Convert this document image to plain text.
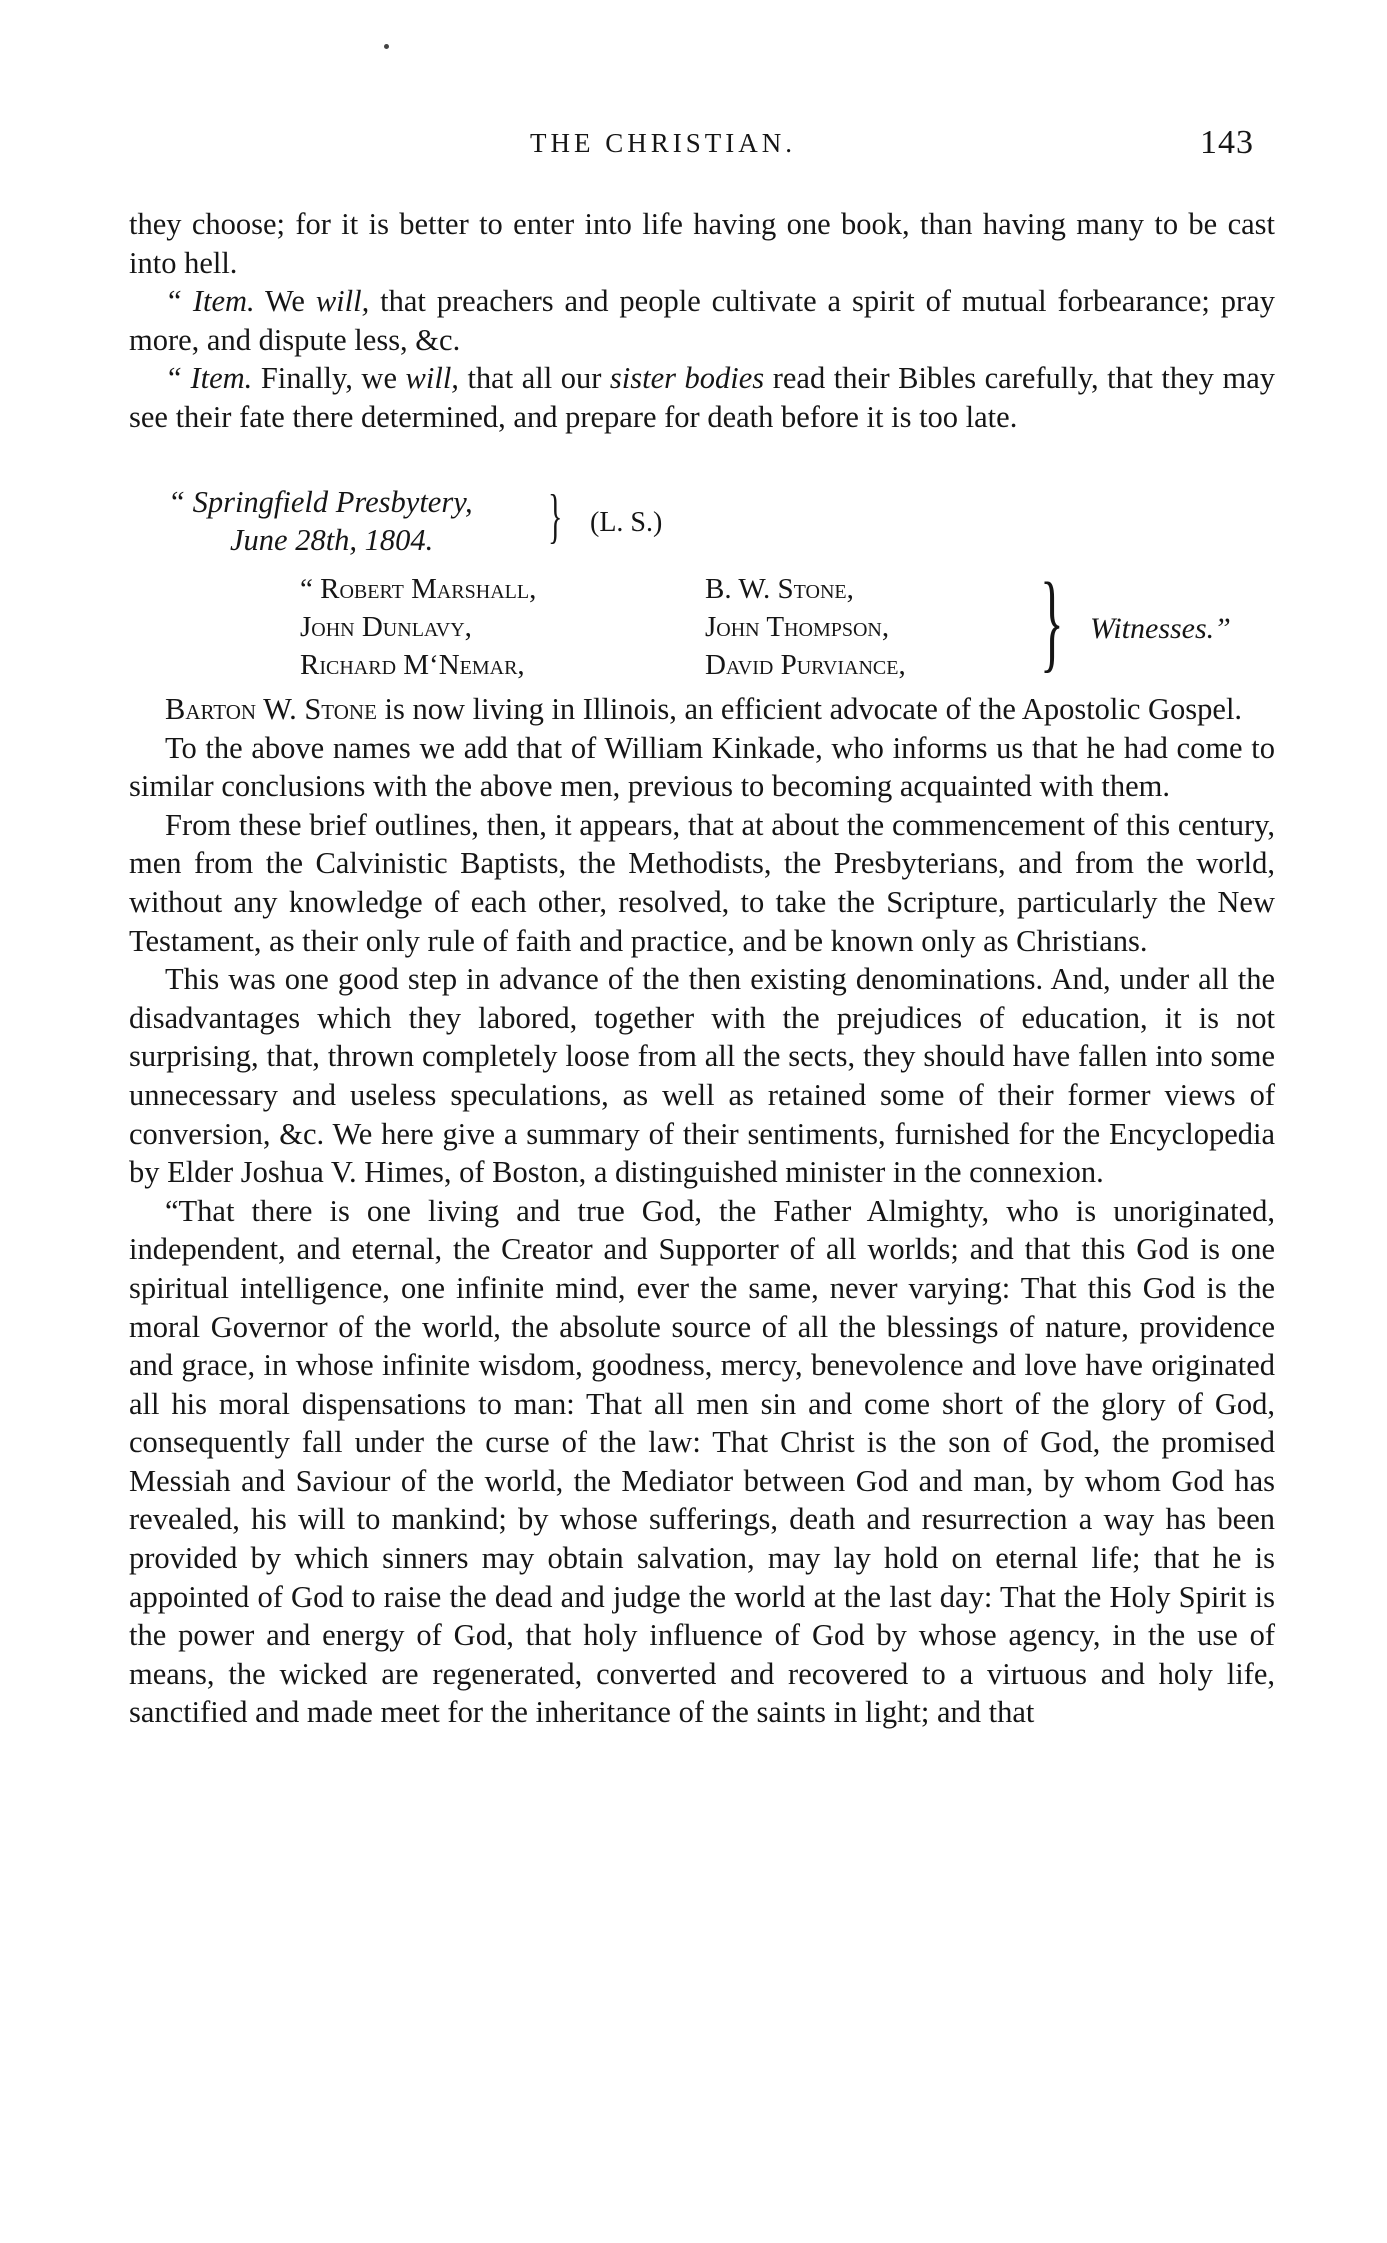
THE CHRISTIAN.	143

they choose; for it is better to enter into life having one book, than having many to be cast into hell.

“ Item. We will, that preachers and people cultivate a spirit of mutual forbearance; pray more, and dispute less, &c.

“ Item. Finally, we will, that all our sister bodies read their Bibles carefully, that they may see their fate there determined, and prepare for death before it is too late.

“ Springfield Presbytery,
June 28th, 1804.	} (L. S.)
“ Robert Marshall,
John Dunlavy,
Richard M‘Nemar,
B. W. Stone,
John Thompson,
David Purviance, } Witnesses.”

Barton W. Stone is now living in Illinois, an efficient advocate of the Apostolic Gospel.

To the above names we add that of William Kinkade, who informs us that he had come to similar conclusions with the above men, previous to becoming acquainted with them.

From these brief outlines, then, it appears, that at about the commencement of this century, men from the Calvinistic Baptists, the Methodists, the Presbyterians, and from the world, without any knowledge of each other, resolved, to take the Scripture, particularly the New Testament, as their only rule of faith and practice, and be known only as Christians.

This was one good step in advance of the then existing denominations. And, under all the disadvantages which they labored, together with the prejudices of education, it is not surprising, that, thrown completely loose from all the sects, they should have fallen into some unnecessary and useless speculations, as well as retained some of their former views of conversion, &c. We here give a summary of their sentiments, furnished for the Encyclopedia by Elder Joshua V. Himes, of Boston, a distinguished minister in the connexion.

“That there is one living and true God, the Father Almighty, who is unoriginated, independent, and eternal, the Creator and Supporter of all worlds; and that this God is one spiritual intelligence, one infinite mind, ever the same, never varying: That this God is the moral Governor of the world, the absolute source of all the blessings of nature, providence and grace, in whose infinite wisdom, goodness, mercy, benevolence and love have originated all his moral dispensations to man: That all men sin and come short of the glory of God, consequently fall under the curse of the law: That Christ is the son of God, the promised Messiah and Saviour of the world, the Mediator between God and man, by whom God has revealed, his will to mankind; by whose sufferings, death and resurrection a way has been provided by which sinners may obtain salvation, may lay hold on eternal life; that he is appointed of God to raise the dead and judge the world at the last day: That the Holy Spirit is the power and energy of God, that holy influence of God by whose agency, in the use of means, the wicked are regenerated, converted and recovered to a virtuous and holy life, sanctified and made meet for the inheritance of the saints in light; and that
